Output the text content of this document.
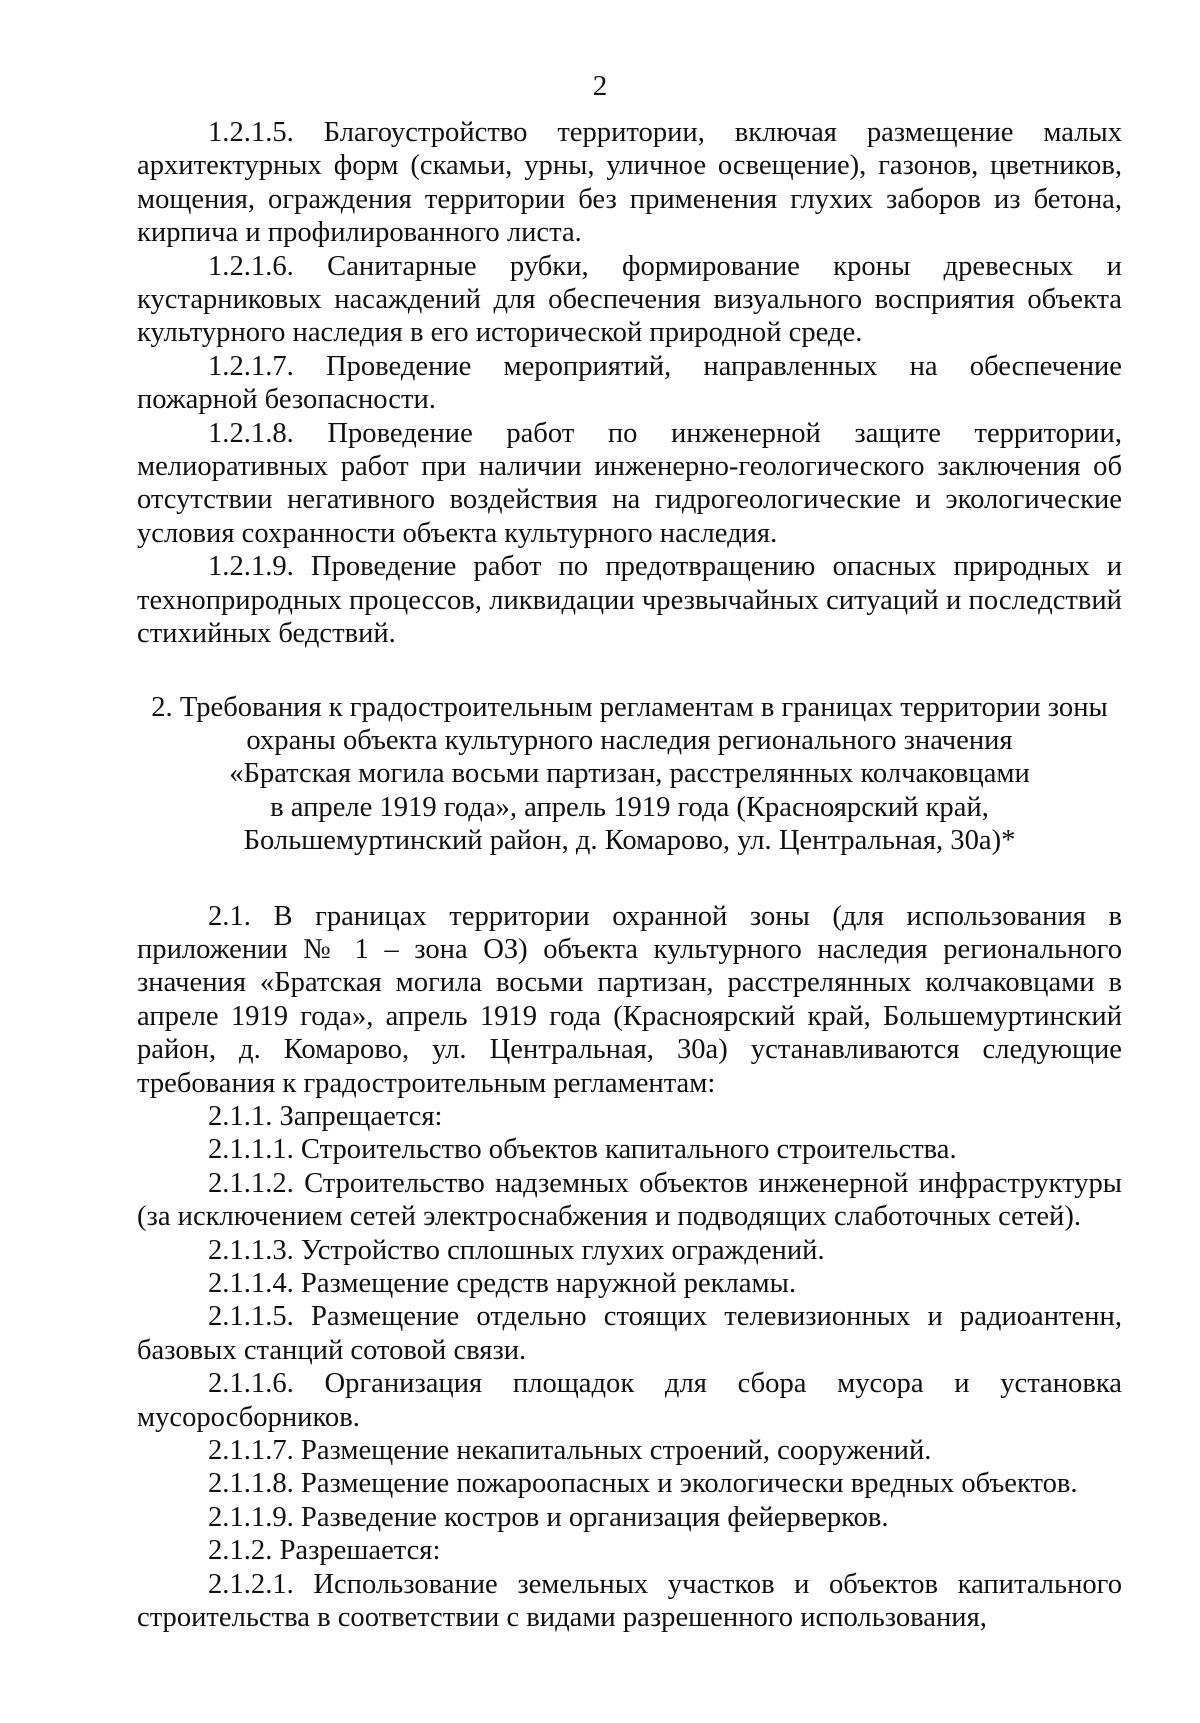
2

1.2.1.5. Благоустройство территории, включая размещение малых архитектурных форм (скамьи, урны, уличное освещение), газонов, цветников, мощения, ограждения территории без применения глухих заборов из бетона, кирпича и профилированного листа.

1.2.1.6. Санитарные рубки, формирование кроны древесных и кустарниковых насаждений для обеспечения визуального восприятия объекта культурного наследия в его исторической природной среде.

1.2.1.7. Проведение мероприятий, направленных на обеспечение пожарной безопасности.

1.2.1.8. Проведение работ по инженерной защите территории, мелиоративных работ при наличии инженерно-геологического заключения об отсутствии негативного воздействия на гидрогеологические и экологические условия сохранности объекта культурного наследия.

1.2.1.9. Проведение работ по предотвращению опасных природных и технoприродных процессов, ликвидации чрезвычайных ситуаций и последствий стихийных бедствий.

2. Требования к градостроительным регламентам в границах территории зоны
охраны объекта культурного наследия регионального значения
«Братская могила восьми партизан, расстрелянных колчаковцами
в апреле 1919 года», апрель 1919 года (Красноярский край,
Большемуртинский район, д. Комарово, ул. Центральная, 30а)*

2.1. В границах территории охранной зоны (для использования в приложении № 1 – зона ОЗ) объекта культурного наследия регионального значения «Братская могила восьми партизан, расстрелянных колчаковцами в апреле 1919 года», апрель 1919 года (Красноярский край, Большемуртинский район, д. Комарово, ул. Центральная, 30а) устанавливаются следующие требования к градостроительным регламентам:

2.1.1. Запрещается:

2.1.1.1. Строительство объектов капитального строительства.

2.1.1.2. Строительство надземных объектов инженерной инфраструктуры (за исключением сетей электроснабжения и подводящих слаботочных сетей).

2.1.1.3. Устройство сплошных глухих ограждений.

2.1.1.4. Размещение средств наружной рекламы.

2.1.1.5. Размещение отдельно стоящих телевизионных и радиоантенн, базовых станций сотовой связи.

2.1.1.6. Организация площадок для сбора мусора и установка мусоросборников.

2.1.1.7. Размещение некапитальных строений, сооружений.

2.1.1.8. Размещение пожароопасных и экологически вредных объектов.

2.1.1.9. Разведение костров и организация фейерверков.

2.1.2. Разрешается:

2.1.2.1. Использование земельных участков и объектов капитального строительства в соответствии с видами разрешенного использования,
